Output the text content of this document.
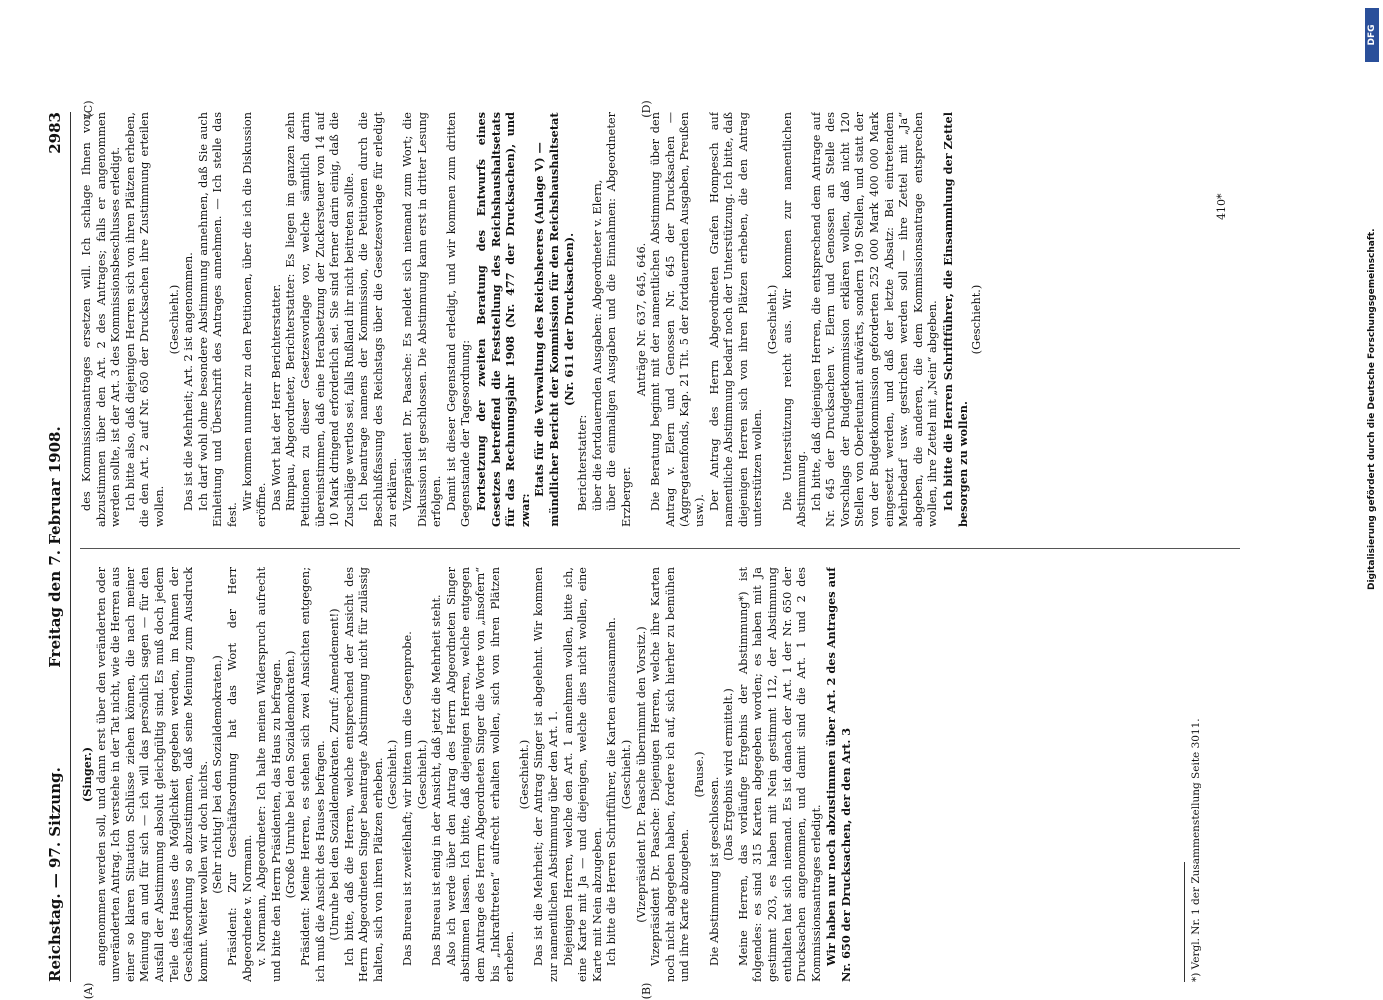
Reichstag. — 97. Sitzung.
Freitag den 7. Februar 1908.
2983
(A)	(B)
(C)	(D)

(Singer.) angenommen werden soll, und dann erst über den veränderten oder unveränderten Antrag. Ich verstehe in der Tat nicht, wie die Herren aus einer so klaren Situation Schlüsse ziehen können, die nach meiner Meinung an und für sich — ich will das persönlich sagen — für den Ausfall der Abstimmung absolut gleichgültig sind. Es muß doch jedem Teile des Hauses die Möglichkeit gegeben werden, im Rahmen der Geschäftsordnung so abzustimmen, daß seine Meinung zum Ausdruck kommt. Weiter wollen wir doch nichts. (Sehr richtig! bei den Sozialdemokraten.) Präsident: Zur Geschäftsordnung hat das Wort der Herr Abgeordnete v. Normann. v. Normann, Abgeordneter: Ich halte meinen Widerspruch aufrecht und bitte den Herrn Präsidenten, das Haus zu befragen. (Große Unruhe bei den Sozialdemokraten.) Präsident: Meine Herren, es stehen sich zwei Ansichten entgegen; ich muß die Ansicht des Hauses befragen. (Unruhe bei den Sozialdemokraten. Zuruf: Amendement!) Ich bitte, daß die Herren, welche entsprechend der Ansicht des Herrn Abgeordneten Singer beantragte Abstimmung nicht für zulässig halten, sich von ihren Plätzen erheben. (Geschieht.) Das Bureau ist zweifelhaft; wir bitten um die Gegenprobe. (Geschieht.) Das Bureau ist einig in der Ansicht, daß jetzt die Mehrheit steht. Also ich werde über den Antrag des Herrn Abgeordneten Singer abstimmen lassen. Ich bitte, daß diejenigen Herren, welche entgegen dem Antrage des Herrn Abgeordneten Singer die Worte von „insofern“ bis „Inkrafttreten“ aufrecht erhalten wollen, sich von ihren Plätzen erheben.

(Geschieht.) Das ist die Mehrheit; der Antrag Singer ist abgelehnt. Wir kommen zur namentlichen Abstimmung über den Art. 1. Diejenigen Herren, welche den Art. 1 annehmen wollen, bitte ich, eine Karte mit Ja — und diejenigen, welche dies nicht wollen, eine Karte mit Nein abzugeben. Ich bitte die Herren Schriftführer, die Karten einzusammeln. (Geschieht.) (Vizepräsident Dr. Paasche übernimmt den Vorsitz.) Vizepräsident Dr. Paasche: Diejenigen Herren, welche ihre Karten noch nicht abgegeben haben, fordere ich auf, sich hierher zu bemühen und ihre Karte abzugeben.

(Pause.)

Die Abstimmung ist geschlossen.

(Das Ergebnis wird ermittelt.) Meine Herren, das vorläufige Ergebnis der Abstimmung*) ist folgendes: es sind 315 Karten abgegeben worden; es haben mit Ja gestimmt 203, es haben mit Nein gestimmt 112, der Abstimmung enthalten hat sich niemand. Es ist danach der Art. 1 der Nr. 650 der Drucksachen angenommen, und damit sind die Art. 1 und 2 des Kommissionsantrages erledigt. Wir haben nur noch abzustimmen über Art. 2 des Antrages auf Nr. 650 der Drucksachen, der den Art. 3

des Kommissionsantrages ersetzen will. Ich schlage Ihnen vor, abzustimmen über den Art. 2 des Antrages; falls er angenommen werden sollte, ist der Art. 3 des Kommissionsbeschlusses erledigt. Ich bitte also, daß diejenigen Herren sich von ihren Plätzen erheben, die den Art. 2 auf Nr. 650 der Drucksachen ihre Zustimmung erteilen wollen.

(Geschieht.) Das ist die Mehrheit; Art. 2 ist angenommen. Ich darf wohl ohne besondere Abstimmung annehmen, daß Sie auch Einleitung und Überschrift des Antrages annehmen. — Ich stelle das fest.

Wir kommen nunmehr zu den Petitionen, über die ich die Diskussion eröffne. Das Wort hat der Herr Berichterstatter. Rimpau, Abgeordneter, Berichterstatter: Es liegen im ganzen zehn Petitionen zu dieser Gesetzesvorlage vor, welche sämtlich darin übereinstimmen, daß eine Herabsetzung der Zuckersteuer von 14 auf 10 Mark dringend erforderlich sei. Sie sind ferner darin einig, daß die Zuschläge wertlos sei, falls Rußland ihr nicht beitreten sollte. Ich beantrage namens der Kommission, die Petitionen durch die Beschlußfassung des Reichstags über die Gesetzesvorlage für erledigt zu erklären. Vizepräsident Dr. Paasche: Es meldet sich niemand zum Wort; die Diskussion ist geschlossen. Die Abstimmung kann erst in dritter Lesung erfolgen. Damit ist dieser Gegenstand erledigt, und wir kommen zum dritten Gegenstande der Tagesordnung: Fortsetzung der zweiten Beratung des Entwurfs eines Gesetzes betreffend die Feststellung des Reichshaushaltsetats für das Rechnungsjahr 1908 (Nr. 477 der Drucksachen), und zwar:

Etats für die Verwaltung des Reichsheeres (Anlage V) — mündlicher Bericht der Kommission für den Reichshaushaltsetat (Nr. 611 der Drucksachen).

Berichterstatter: über die fortdauernden Ausgaben: Abgeordneter v. Elern, über die einmaligen Ausgaben und die Einnahmen: Abgeordneter Erzberger.

Anträge Nr. 637, 645, 646. Die Beratung beginnt mit der namentlichen Abstimmung über den Antrag v. Elern und Genossen Nr. 645 der Drucksachen — (Aggregatenfonds, Kap. 21 Tit. 5 der fortdauernden Ausgaben, Preußen usw.). Der Antrag des Herrn Abgeordneten Grafen Hompesch auf namentliche Abstimmung bedarf noch der Unterstützung. Ich bitte, daß diejenigen Herren sich von ihren Plätzen erheben, die den Antrag unterstützen wollen.

(Geschieht.) Die Unterstützung reicht aus. Wir kommen zur namentlichen Abstimmung. Ich bitte, daß diejenigen Herren, die entsprechend dem Antrage auf Nr. 645 der Drucksachen v. Elern und Genossen an Stelle des Vorschlags der Budgetkommission erklären wollen, daß nicht 120 Stellen von Oberleutnant aufwärts, sondern 190 Stellen, und statt der von der Budgetkommission geforderten 252 000 Mark 400 000 Mark eingesetzt werden, und daß der letzte Absatz: Bei eintretendem Mehrbedarf usw. gestrichen werden soll — ihre Zettel mit „Ja“ abgeben, die anderen, die dem Kommissionsantrage entsprechen wollen, ihre Zettel mit „Nein“ abgeben. Ich bitte die Herren Schriftführer, die Einsammlung der Zettel besorgen zu wollen.

(Geschieht.)

*) Vergl. Nr. 1 der Zusammenstellung Seite 3011.
410*
DFG
Digitalisierung gefördert durch die Deutsche Forschungsgemeinschaft.
